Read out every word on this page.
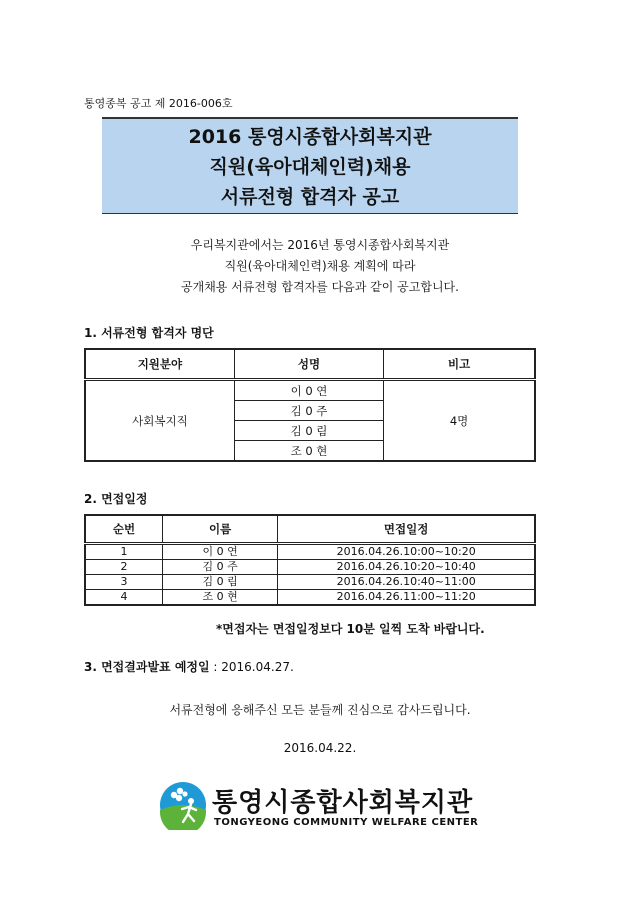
통영종복 공고 제 2016-006호
2016 통영시종합사회복지관
직원(육아대체인력)채용
서류전형 합격자 공고
우리복지관에서는 2016년 통영시종합사회복지관
직원(육아대체인력)채용 계획에 따라
공개채용 서류전형 합격자를 다음과 같이 공고합니다.
1. 서류전형 합격자 명단
지원분야	성명	비고
사회복지직	이 0 연	4명
	김 0 주	
	김 0 림	
	조 0 현	
2. 면접일정
순번	이름	면접일정
1	이 0 연	2016.04.26.10:00~10:20
2	김 0 주	2016.04.26.10:20~10:40
3	김 0 림	2016.04.26.10:40~11:00
4	조 0 현	2016.04.26.11:00~11:20
*면접자는 면접일정보다 10분 일찍 도착 바랍니다.
3. 면접결과발표 예정일 : 2016.04.27.
서류전형에 응해주신 모든 분들께 진심으로 감사드립니다.
2016.04.22.
통영시종합사회복지관
TONGYEONG COMMUNITY WELFARE CENTER
